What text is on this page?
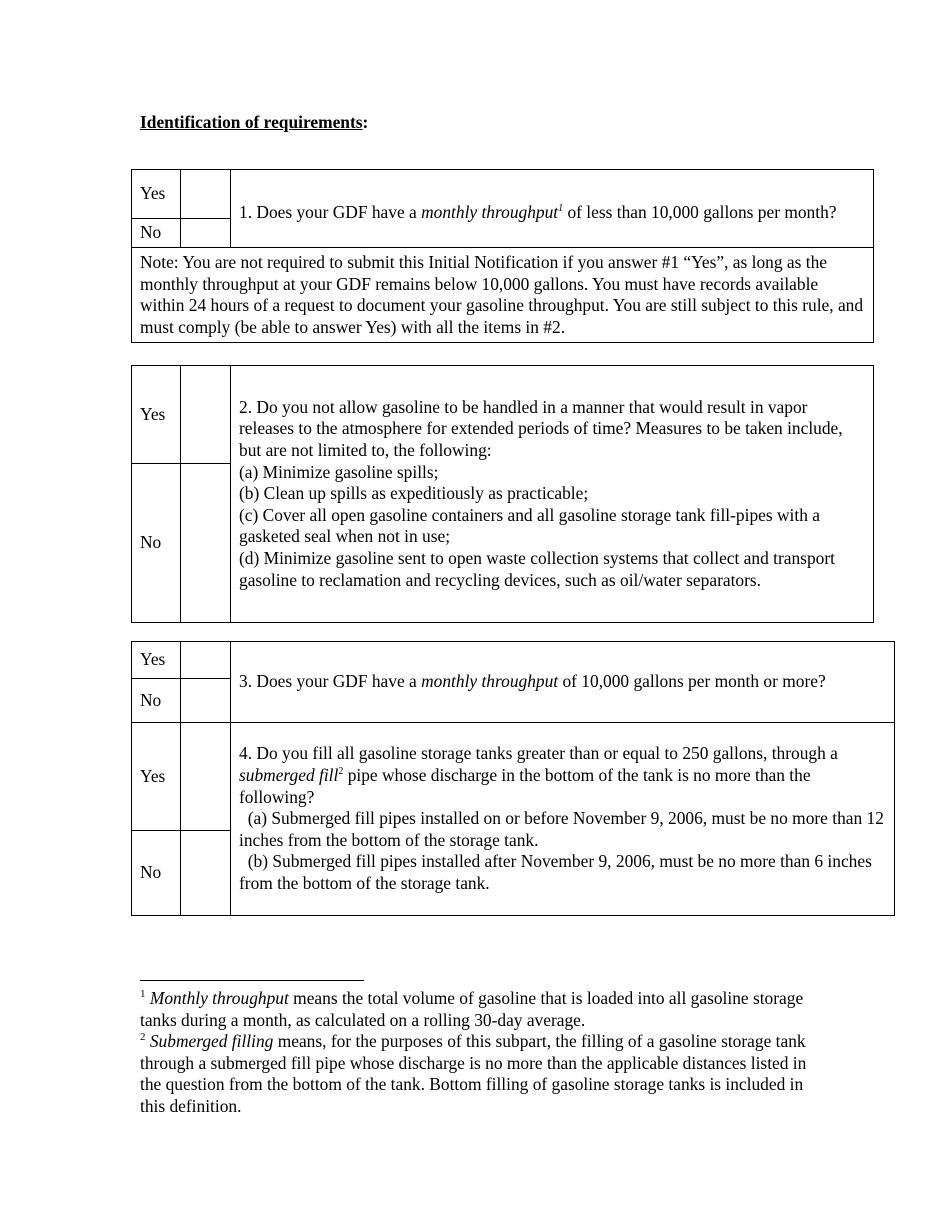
Identification of requirements:

Yes		1. Does your GDF have a monthly throughput$^1$ of less than 10,000 gallons per month?
No		
Note: You are not required to submit this Initial Notification if you answer #1 “Yes”, as long as the monthly throughput at your GDF remains below 10,000 gallons. You must have records available within 24 hours of a request to document your gasoline throughput. You are still subject to this rule, and must comply (be able to answer Yes) with all the items in #2.		
Yes		2. Do you not allow gasoline to be handled in a manner that would result in vapor releases to the atmosphere for extended periods of time? Measures to be taken include, but are not limited to, the following:
(a) Minimize gasoline spills;
(b) Clean up spills as expeditiously as practicable;
(c) Cover all open gasoline containers and all gasoline storage tank fill-pipes with a gasketed seal when not in use;
(d) Minimize gasoline sent to open waste collection systems that collect and transport gasoline to reclamation and recycling devices, such as oil/water separators.

No		
Yes		3. Does your GDF have a monthly throughput of 10,000 gallons per month or more?
No		
Yes		4. Do you fill all gasoline storage tanks greater than or equal to 250 gallons, through a submerged fill$^2$ pipe whose discharge in the bottom of the tank is no more than the following?
(a) Submerged fill pipes installed on or before November 9, 2006, must be no more than 12 inches from the bottom of the storage tank.
(b) Submerged fill pipes installed after November 9, 2006, must be no more than 6 inches from the bottom of the storage tank.

No		

$^1$ Monthly throughput means the total volume of gasoline that is loaded into all gasoline storage tanks during a month, as calculated on a rolling 30-day average.

$^2$ Submerged filling means, for the purposes of this subpart, the filling of a gasoline storage tank through a submerged fill pipe whose discharge is no more than the applicable distances listed in the question from the bottom of the tank. Bottom filling of gasoline storage tanks is included in this definition.
